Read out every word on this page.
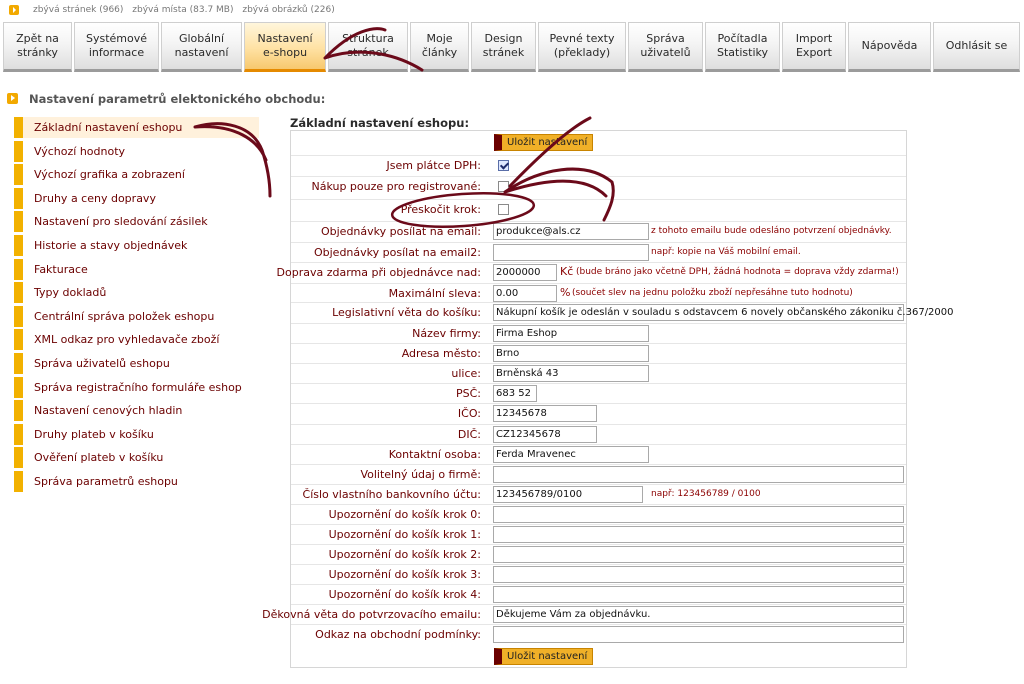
zbývá stránek (966) zbývá místa (83.7 MB) zbývá obrázků (226)
Zpět na
stránky
Systémové
informace
Globální
nastavení
Nastavení
e-shopu
Struktura
stránek
Moje
články
Design
stránek
Pevné texty
(překlady)
Správa
uživatelů
Počítadla
Statistiky
Import
Export
Nápověda	Odhlásit se
Nastavení parametrů elektonického obchodu:
Základní nastavení eshopu
Výchozí hodnoty
Výchozí grafika a zobrazení
Druhy a ceny dopravy
Nastavení pro sledování zásilek
Historie a stavy objednávek
Fakturace
Typy dokladů
Centrální správa položek eshopu
XML odkaz pro vyhledavače zboží
Správa uživatelů eshopu
Správa registračního formuláře eshop
Nastavení cenových hladin
Druhy plateb v košíku
Ověření plateb v košíku
Správa parametrů eshopu
Základní nastavení eshopu:
Uložit nastavení
Jsem plátce DPH:
Nákup pouze pro registrované:
Přeskočit krok:
Objednávky posílat na email:	produkce@als.cz	z tohoto emailu bude odesláno potvrzení objednávky.
Objednávky posílat na email2:	např: kopie na Váš mobilní email.
Doprava zdarma při objednávce nad:	2000000	Kč (bude bráno jako včetně DPH, žádná hodnota = doprava vždy zdarma!)
Maximální sleva:	0.00	% (součet slev na jednu položku zboží nepřesáhne tuto hodnotu)
Legislativní věta do košíku:	Nákupní košík je odeslán v souladu s odstavcem 6 novely občanského zákoniku č.367/2000
Název firmy:	Firma Eshop
Adresa město:	Brno
ulice:	Brněnská 43
PSČ:	683 52
IČO:	12345678
DIČ:	CZ12345678
Kontaktní osoba:	Ferda Mravenec
Volitelný údaj o firmě:
Číslo vlastního bankovního účtu:	123456789/0100	např: 123456789 / 0100
Upozornění do košík krok 0:
Upozornění do košík krok 1:
Upozornění do košík krok 2:
Upozornění do košík krok 3:
Upozornění do košík krok 4:
Děkovná věta do potvrzovacího emailu:	Děkujeme Vám za objednávku.
Odkaz na obchodní podmínky:
Uložit nastavení
